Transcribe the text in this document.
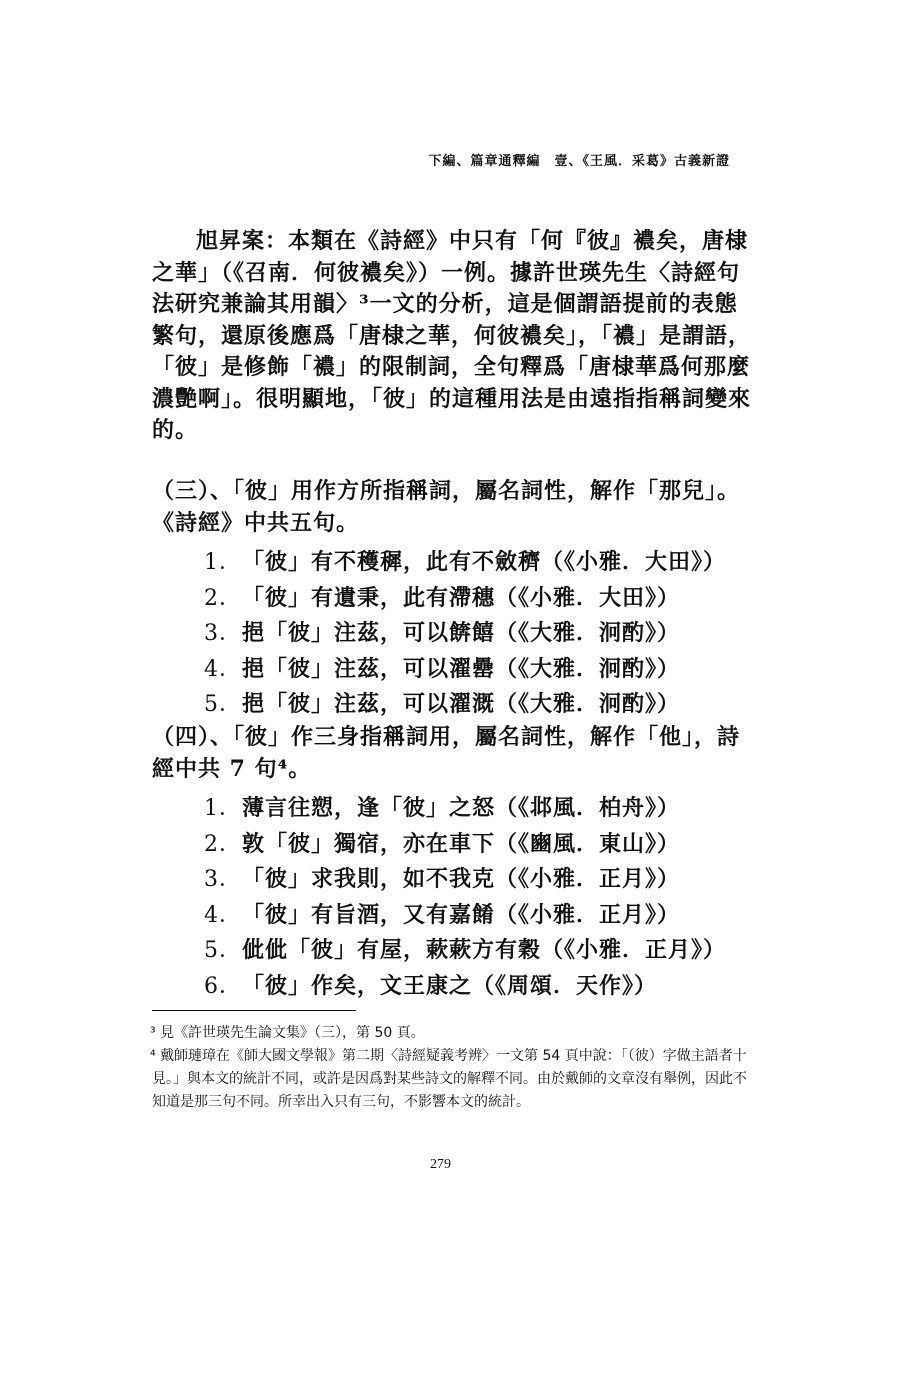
下編、篇章通釋編　壹、《王風．采葛》古義新證

旭昇案：本類在《詩經》中只有「何『彼』襛矣，唐棣之華」（《召南．何彼襛矣》）一例。據許世瑛先生〈詩經句法研究兼論其用韻〉³一文的分析，這是個謂語提前的表態繁句，還原後應爲「唐棣之華，何彼襛矣」，「襛」是謂語，「彼」是修飾「襛」的限制詞，全句釋爲「唐棣華爲何那麼濃艷啊」。很明顯地，「彼」的這種用法是由遠指指稱詞變來的。

（三）、「彼」用作方所指稱詞，屬名詞性，解作「那兒」。《詩經》中共五句。

1．「彼」有不穫穉，此有不斂穧（《小雅．大田》）
2．「彼」有遺秉，此有滯穗（《小雅．大田》）
3．挹「彼」注茲，可以餴饎（《大雅．泂酌》）
4．挹「彼」注茲，可以濯罍（《大雅．泂酌》）
5．挹「彼」注茲，可以濯溉（《大雅．泂酌》）

（四）、「彼」作三身指稱詞用，屬名詞性，解作「他」，詩經中共 7 句⁴。

1．薄言往愬，逢「彼」之怒（《邶風．柏舟》）
2．敦「彼」獨宿，亦在車下（《豳風．東山》）
3．「彼」求我則，如不我克（《小雅．正月》）
4．「彼」有旨酒，又有嘉餚（《小雅．正月》）
5．佌佌「彼」有屋，蔌蔌方有穀（《小雅．正月》）
6．「彼」作矣，文王康之（《周頌．天作》）
³ 見《許世瑛先生論文集》（三），第 50 頁。
⁴ 戴師璉璋在《師大國文學報》第二期〈詩經疑義考辨〉一文第 54 頁中說：「（彼）字做主語者十見。」與本文的統計不同，或許是因爲對某些詩文的解釋不同。由於戴師的文章沒有舉例，因此不知道是那三句不同。所幸出入只有三句，不影響本文的統計。
279
